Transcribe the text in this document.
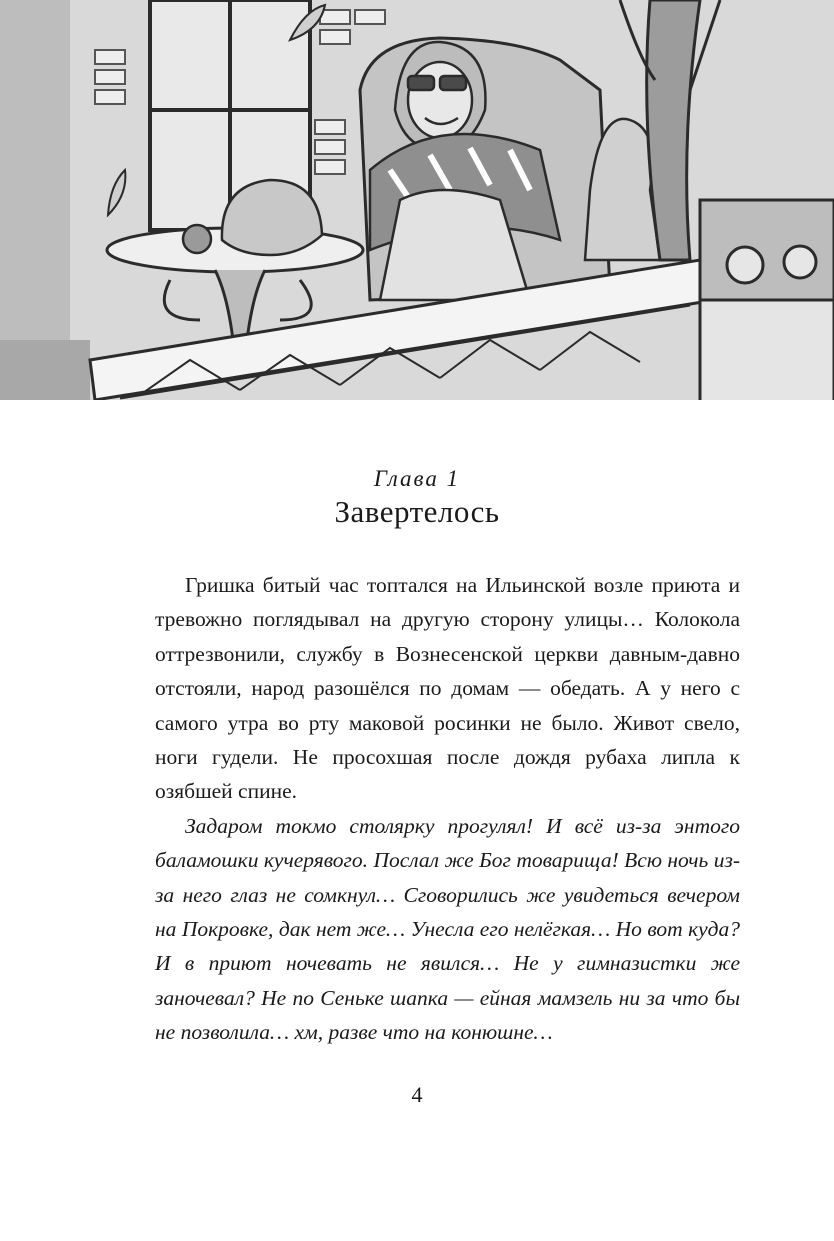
Глава 1
Завертелось

Гришка битый час топтался на Ильинской возле приюта и тревожно поглядывал на другую сторону улицы… Колокола оттрезвонили, службу в Вознесенской церкви давным-давно отстояли, народ разошёлся по домам — обедать. А у него с самого утра во рту маковой росинки не было. Живот свело, ноги гудели. Не просохшая после дождя рубаха липла к озябшей спине.

Задаром токмо столярку прогулял! И всё из-за энтого баламошки кучерявого. Послал же Бог товарища! Всю ночь из-за него глаз не сомкнул… Сговорились же увидеться вечером на Покровке, дак нет же… Унесла его нелёгкая… Но вот куда? И в приют ночевать не явился… Не у гимназистки же заночевал? Не по Сеньке шапка — ейная мамзель ни за что бы не позволила… хм, разве что на конюшне…

4
